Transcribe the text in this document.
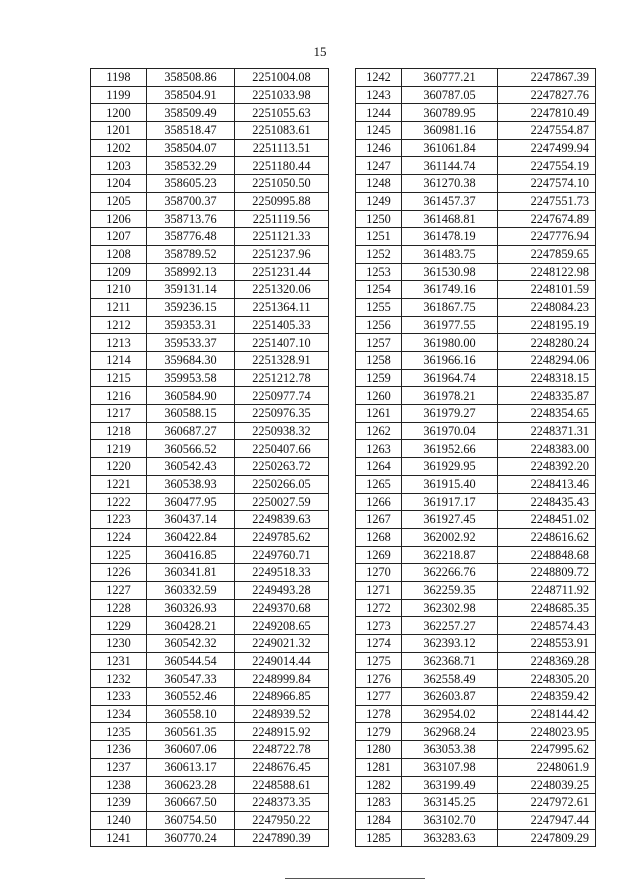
15
1198	358508.86	2251004.08
1199	358504.91	2251033.98
1200	358509.49	2251055.63
1201	358518.47	2251083.61
1202	358504.07	2251113.51
1203	358532.29	2251180.44
1204	358605.23	2251050.50
1205	358700.37	2250995.88
1206	358713.76	2251119.56
1207	358776.48	2251121.33
1208	358789.52	2251237.96
1209	358992.13	2251231.44
1210	359131.14	2251320.06
1211	359236.15	2251364.11
1212	359353.31	2251405.33
1213	359533.37	2251407.10
1214	359684.30	2251328.91
1215	359953.58	2251212.78
1216	360584.90	2250977.74
1217	360588.15	2250976.35
1218	360687.27	2250938.32
1219	360566.52	2250407.66
1220	360542.43	2250263.72
1221	360538.93	2250266.05
1222	360477.95	2250027.59
1223	360437.14	2249839.63
1224	360422.84	2249785.62
1225	360416.85	2249760.71
1226	360341.81	2249518.33
1227	360332.59	2249493.28
1228	360326.93	2249370.68
1229	360428.21	2249208.65
1230	360542.32	2249021.32
1231	360544.54	2249014.44
1232	360547.33	2248999.84
1233	360552.46	2248966.85
1234	360558.10	2248939.52
1235	360561.35	2248915.92
1236	360607.06	2248722.78
1237	360613.17	2248676.45
1238	360623.28	2248588.61
1239	360667.50	2248373.35
1240	360754.50	2247950.22
1241	360770.24	2247890.39
1242	360777.21	2247867.39
1243	360787.05	2247827.76
1244	360789.95	2247810.49
1245	360981.16	2247554.87
1246	361061.84	2247499.94
1247	361144.74	2247554.19
1248	361270.38	2247574.10
1249	361457.37	2247551.73
1250	361468.81	2247674.89
1251	361478.19	2247776.94
1252	361483.75	2247859.65
1253	361530.98	2248122.98
1254	361749.16	2248101.59
1255	361867.75	2248084.23
1256	361977.55	2248195.19
1257	361980.00	2248280.24
1258	361966.16	2248294.06
1259	361964.74	2248318.15
1260	361978.21	2248335.87
1261	361979.27	2248354.65
1262	361970.04	2248371.31
1263	361952.66	2248383.00
1264	361929.95	2248392.20
1265	361915.40	2248413.46
1266	361917.17	2248435.43
1267	361927.45	2248451.02
1268	362002.92	2248616.62
1269	362218.87	2248848.68
1270	362266.76	2248809.72
1271	362259.35	2248711.92
1272	362302.98	2248685.35
1273	362257.27	2248574.43
1274	362393.12	2248553.91
1275	362368.71	2248369.28
1276	362558.49	2248305.20
1277	362603.87	2248359.42
1278	362954.02	2248144.42
1279	362968.24	2248023.95
1280	363053.38	2247995.62
1281	363107.98	2248061.9
1282	363199.49	2248039.25
1283	363145.25	2247972.61
1284	363102.70	2247947.44
1285	363283.63	2247809.29
